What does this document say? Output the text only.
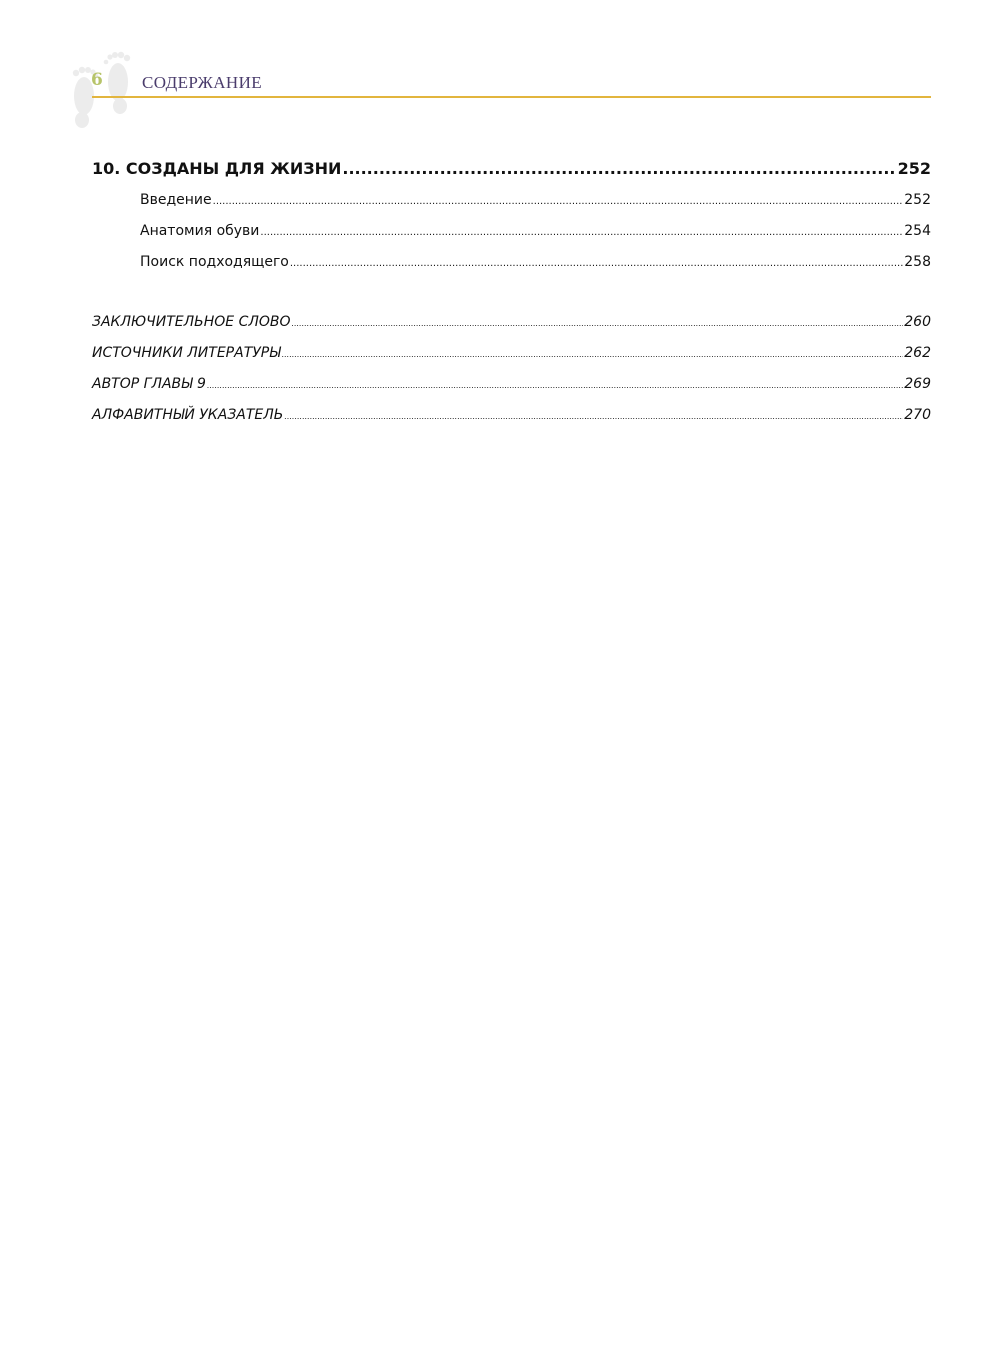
6 СОДЕРЖАНИЕ
10. СОЗДАНЫ ДЛЯ ЖИЗНИ .....	252
Введение .....	252
Анатомия обуви .....	254
Поиск подходящего .....	258
ЗАКЛЮЧИТЕЛЬНОЕ СЛОВО .....	260
ИСТОЧНИКИ ЛИТЕРАТУРЫ .....	262
АВТОР ГЛАВЫ 9 .....	269
АЛФАВИТНЫЙ УКАЗАТЕЛЬ .....	270
